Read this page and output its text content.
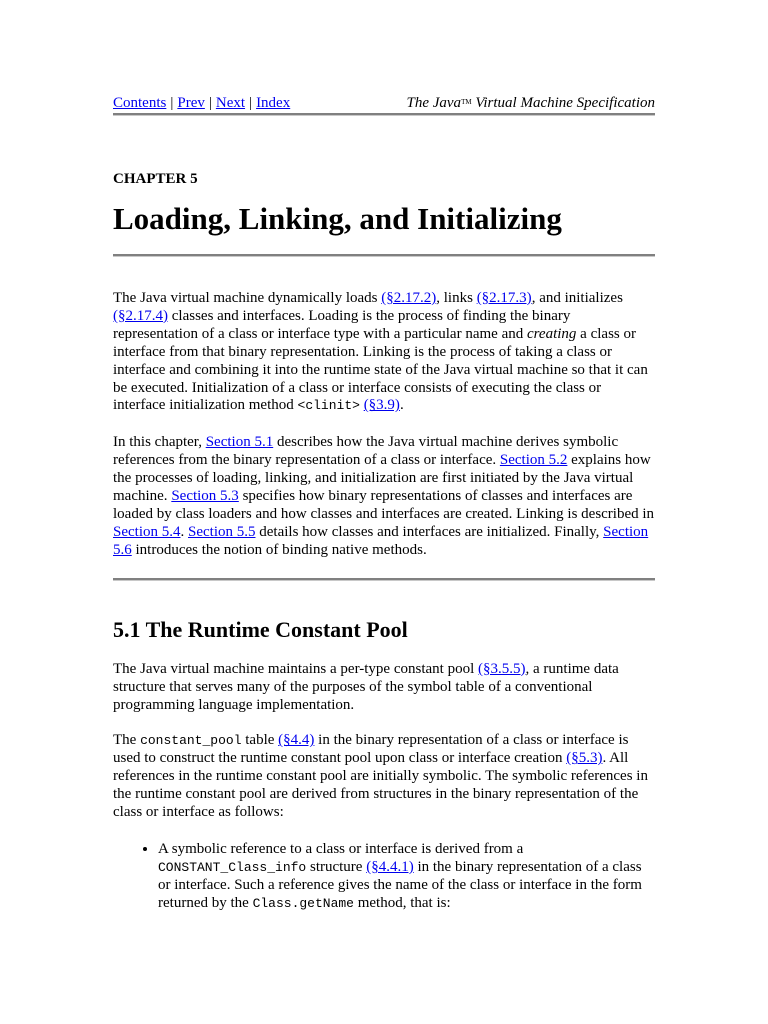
Contents | Prev | Next | Index	The Java™ Virtual Machine Specification
CHAPTER 5
Loading, Linking, and Initializing

The Java virtual machine dynamically loads (§2.17.2), links (§2.17.3), and initializes (§2.17.4) classes and interfaces. Loading is the process of finding the binary representation of a class or interface type with a particular name and creating a class or interface from that binary representation. Linking is the process of taking a class or interface and combining it into the runtime state of the Java virtual machine so that it can be executed. Initialization of a class or interface consists of executing the class or interface initialization method <clinit> (§3.9).

In this chapter, Section 5.1 describes how the Java virtual machine derives symbolic references from the binary representation of a class or interface. Section 5.2 explains how the processes of loading, linking, and initialization are first initiated by the Java virtual machine. Section 5.3 specifies how binary representations of classes and interfaces are loaded by class loaders and how classes and interfaces are created. Linking is described in Section 5.4. Section 5.5 details how classes and interfaces are initialized. Finally, Section 5.6 introduces the notion of binding native methods.

5.1 The Runtime Constant Pool

The Java virtual machine maintains a per-type constant pool (§3.5.5), a runtime data structure that serves many of the purposes of the symbol table of a conventional programming language implementation.

The constant_pool table (§4.4) in the binary representation of a class or interface is used to construct the runtime constant pool upon class or interface creation (§5.3). All references in the runtime constant pool are initially symbolic. The symbolic references in the runtime constant pool are derived from structures in the binary representation of the class or interface as follows:

• A symbolic reference to a class or interface is derived from a CONSTANT_Class_info structure (§4.4.1) in the binary representation of a class or interface. Such a reference gives the name of the class or interface in the form returned by the Class.getName method, that is:
